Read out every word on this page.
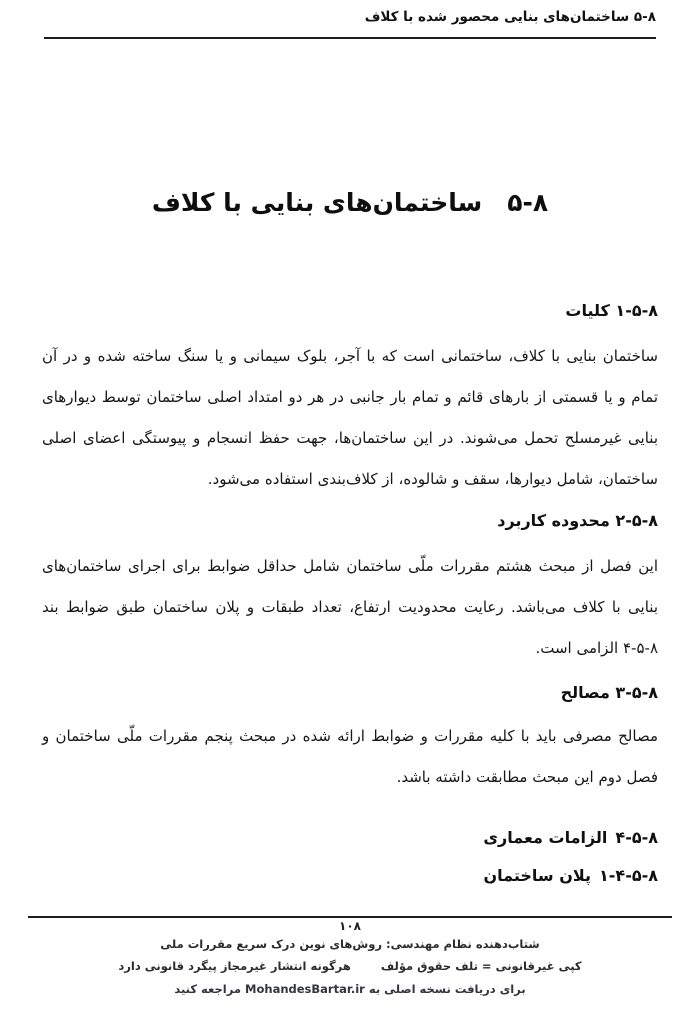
۸‏-‏۵ ساختمان‌های بنایی محصور شده با کلاف
۸‏-‏۵ ساختمان‌های بنایی با کلاف
۸‏-‏۵‏-‏۱ کلیات

ساختمان بنایی با کلاف، ساختمانی است که با آجر، بلوک سیمانی و یا سنگ ساخته شده و در آن تمام و یا قسمتی از بارهای قائم و تمام بار جانبی در هر دو امتداد اصلی ساختمان توسط دیوارهای بنایی غیرمسلح تحمل می‌شوند. در این ساختمان‌ها، جهت حفظ انسجام و پیوستگی اعضای اصلی ساختمان، شامل دیوارها، سقف و شالوده، از کلاف‌بندی استفاده می‌شود.

۸‏-‏۵‏-‏۲ محدوده کاربرد

این فصل از مبحث هشتم مقررات ملّی ساختمان شامل حداقل ضوابط برای اجرای ساختمان‌های بنایی با کلاف می‌باشد. رعایت محدودیت ارتفاع، تعداد طبقات و پلان ساختمان طبق ضوابط بند ۸‏-‏۵‏-‏۴ الزامی است.

۸‏-‏۵‏-‏۳ مصالح

مصالح مصرفی باید با کلیه مقررات و ضوابط ارائه شده در مبحث پنجم مقررات ملّی ساختمان و فصل دوم این مبحث مطابقت داشته باشد.

۸‏-‏۵‏-‏۴ الزامات معماری
۸‏-‏۵‏-‏۴‏-‏۱ پلان ساختمان
۱۰۸
شتاب‌دهنده نظام مهندسی: روش‌های نوین درک سریع مقررات ملی
کپی غیرقانونی = تلف حقوق مؤلف
هرگونه انتشار غیرمجاز پیگرد قانونی دارد
برای دریافت نسخه اصلی به MohandesBartar.ir مراجعه کنید
